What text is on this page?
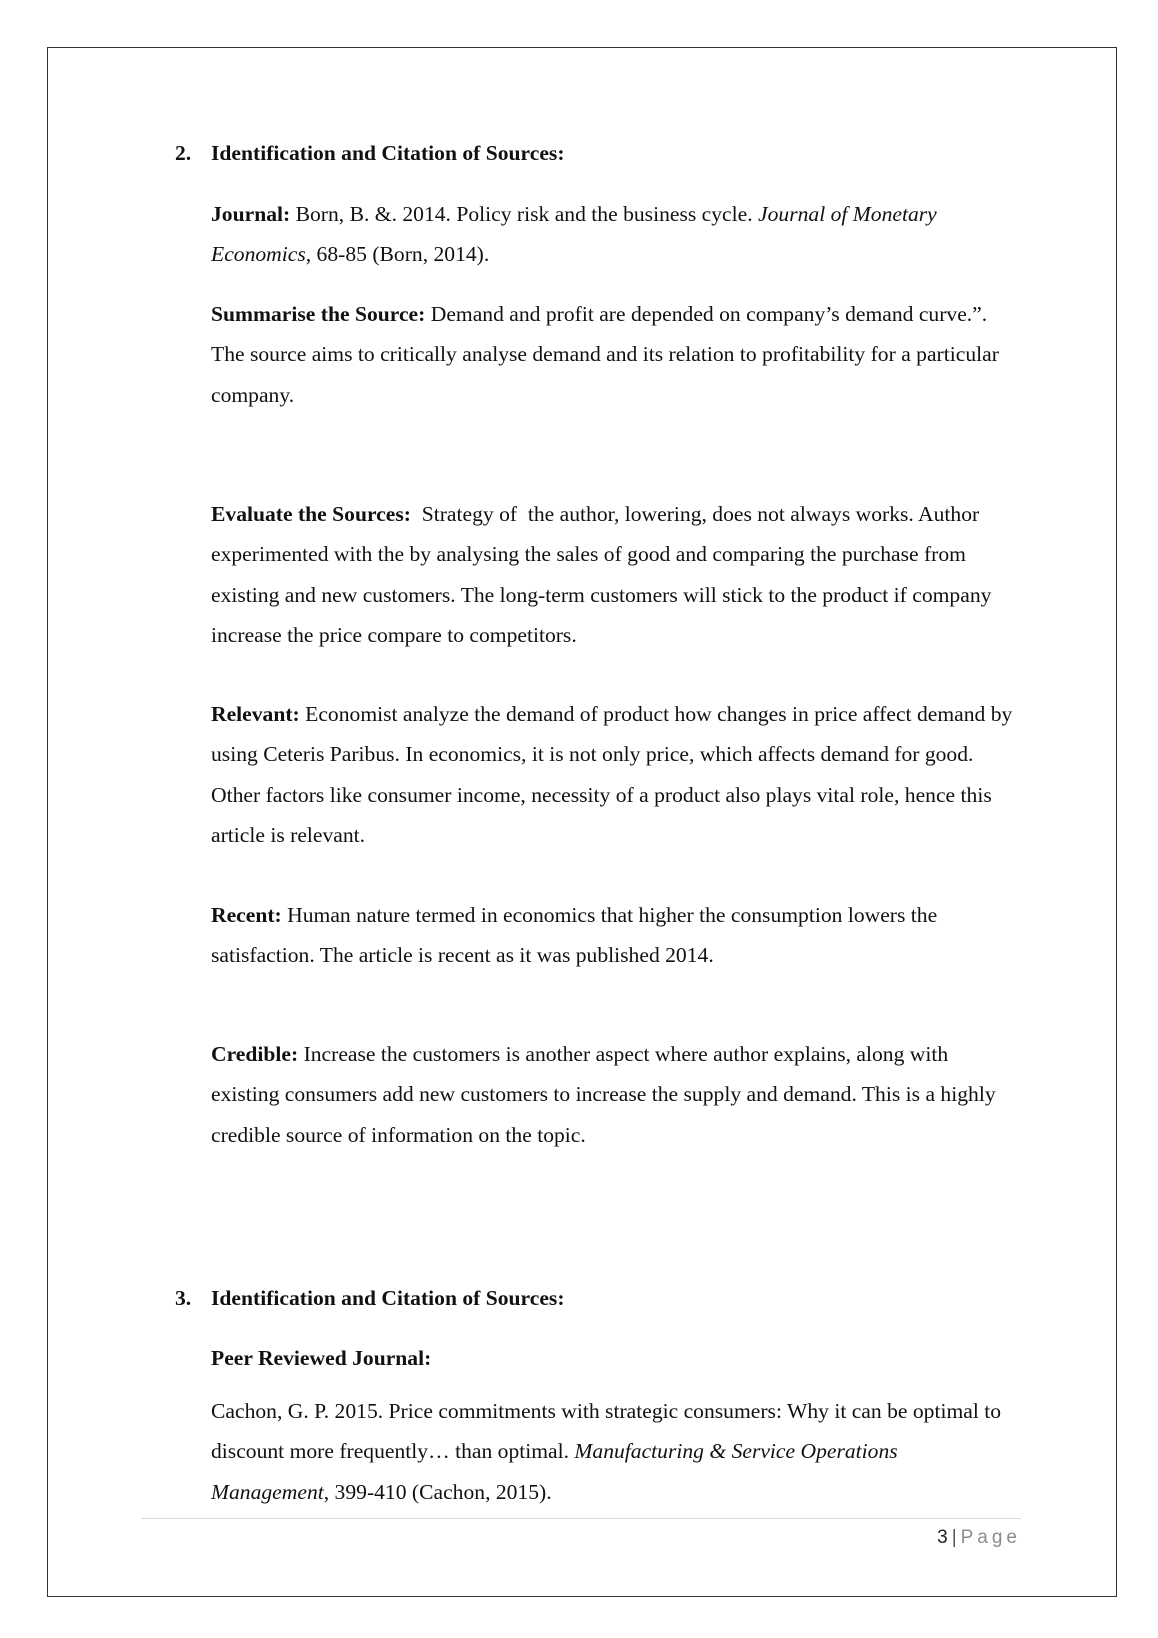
2. Identification and Citation of Sources:

Journal: Born, B. &. 2014. Policy risk and the business cycle. Journal of Monetary Economics, 68-85 (Born, 2014).

Summarise the Source: Demand and profit are depended on company’s demand curve.”. The source aims to critically analyse demand and its relation to profitability for a particular company.

Evaluate the Sources:  Strategy of  the author, lowering, does not always works. Author experimented with the by analysing the sales of good and comparing the purchase from existing and new customers. The long-term customers will stick to the product if company increase the price compare to competitors.

Relevant: Economist analyze the demand of product how changes in price affect demand by using Ceteris Paribus. In economics, it is not only price, which affects demand for good. Other factors like consumer income, necessity of a product also plays vital role, hence this article is relevant.

Recent: Human nature termed in economics that higher the consumption lowers the satisfaction. The article is recent as it was published 2014.

Credible: Increase the customers is another aspect where author explains, along with existing consumers add new customers to increase the supply and demand. This is a highly credible source of information on the topic.

3. Identification and Citation of Sources:

Peer Reviewed Journal:

Cachon, G. P. 2015. Price commitments with strategic consumers: Why it can be optimal to discount more frequently… than optimal. Manufacturing & Service Operations Management, 399-410 (Cachon, 2015).

3 | Page
